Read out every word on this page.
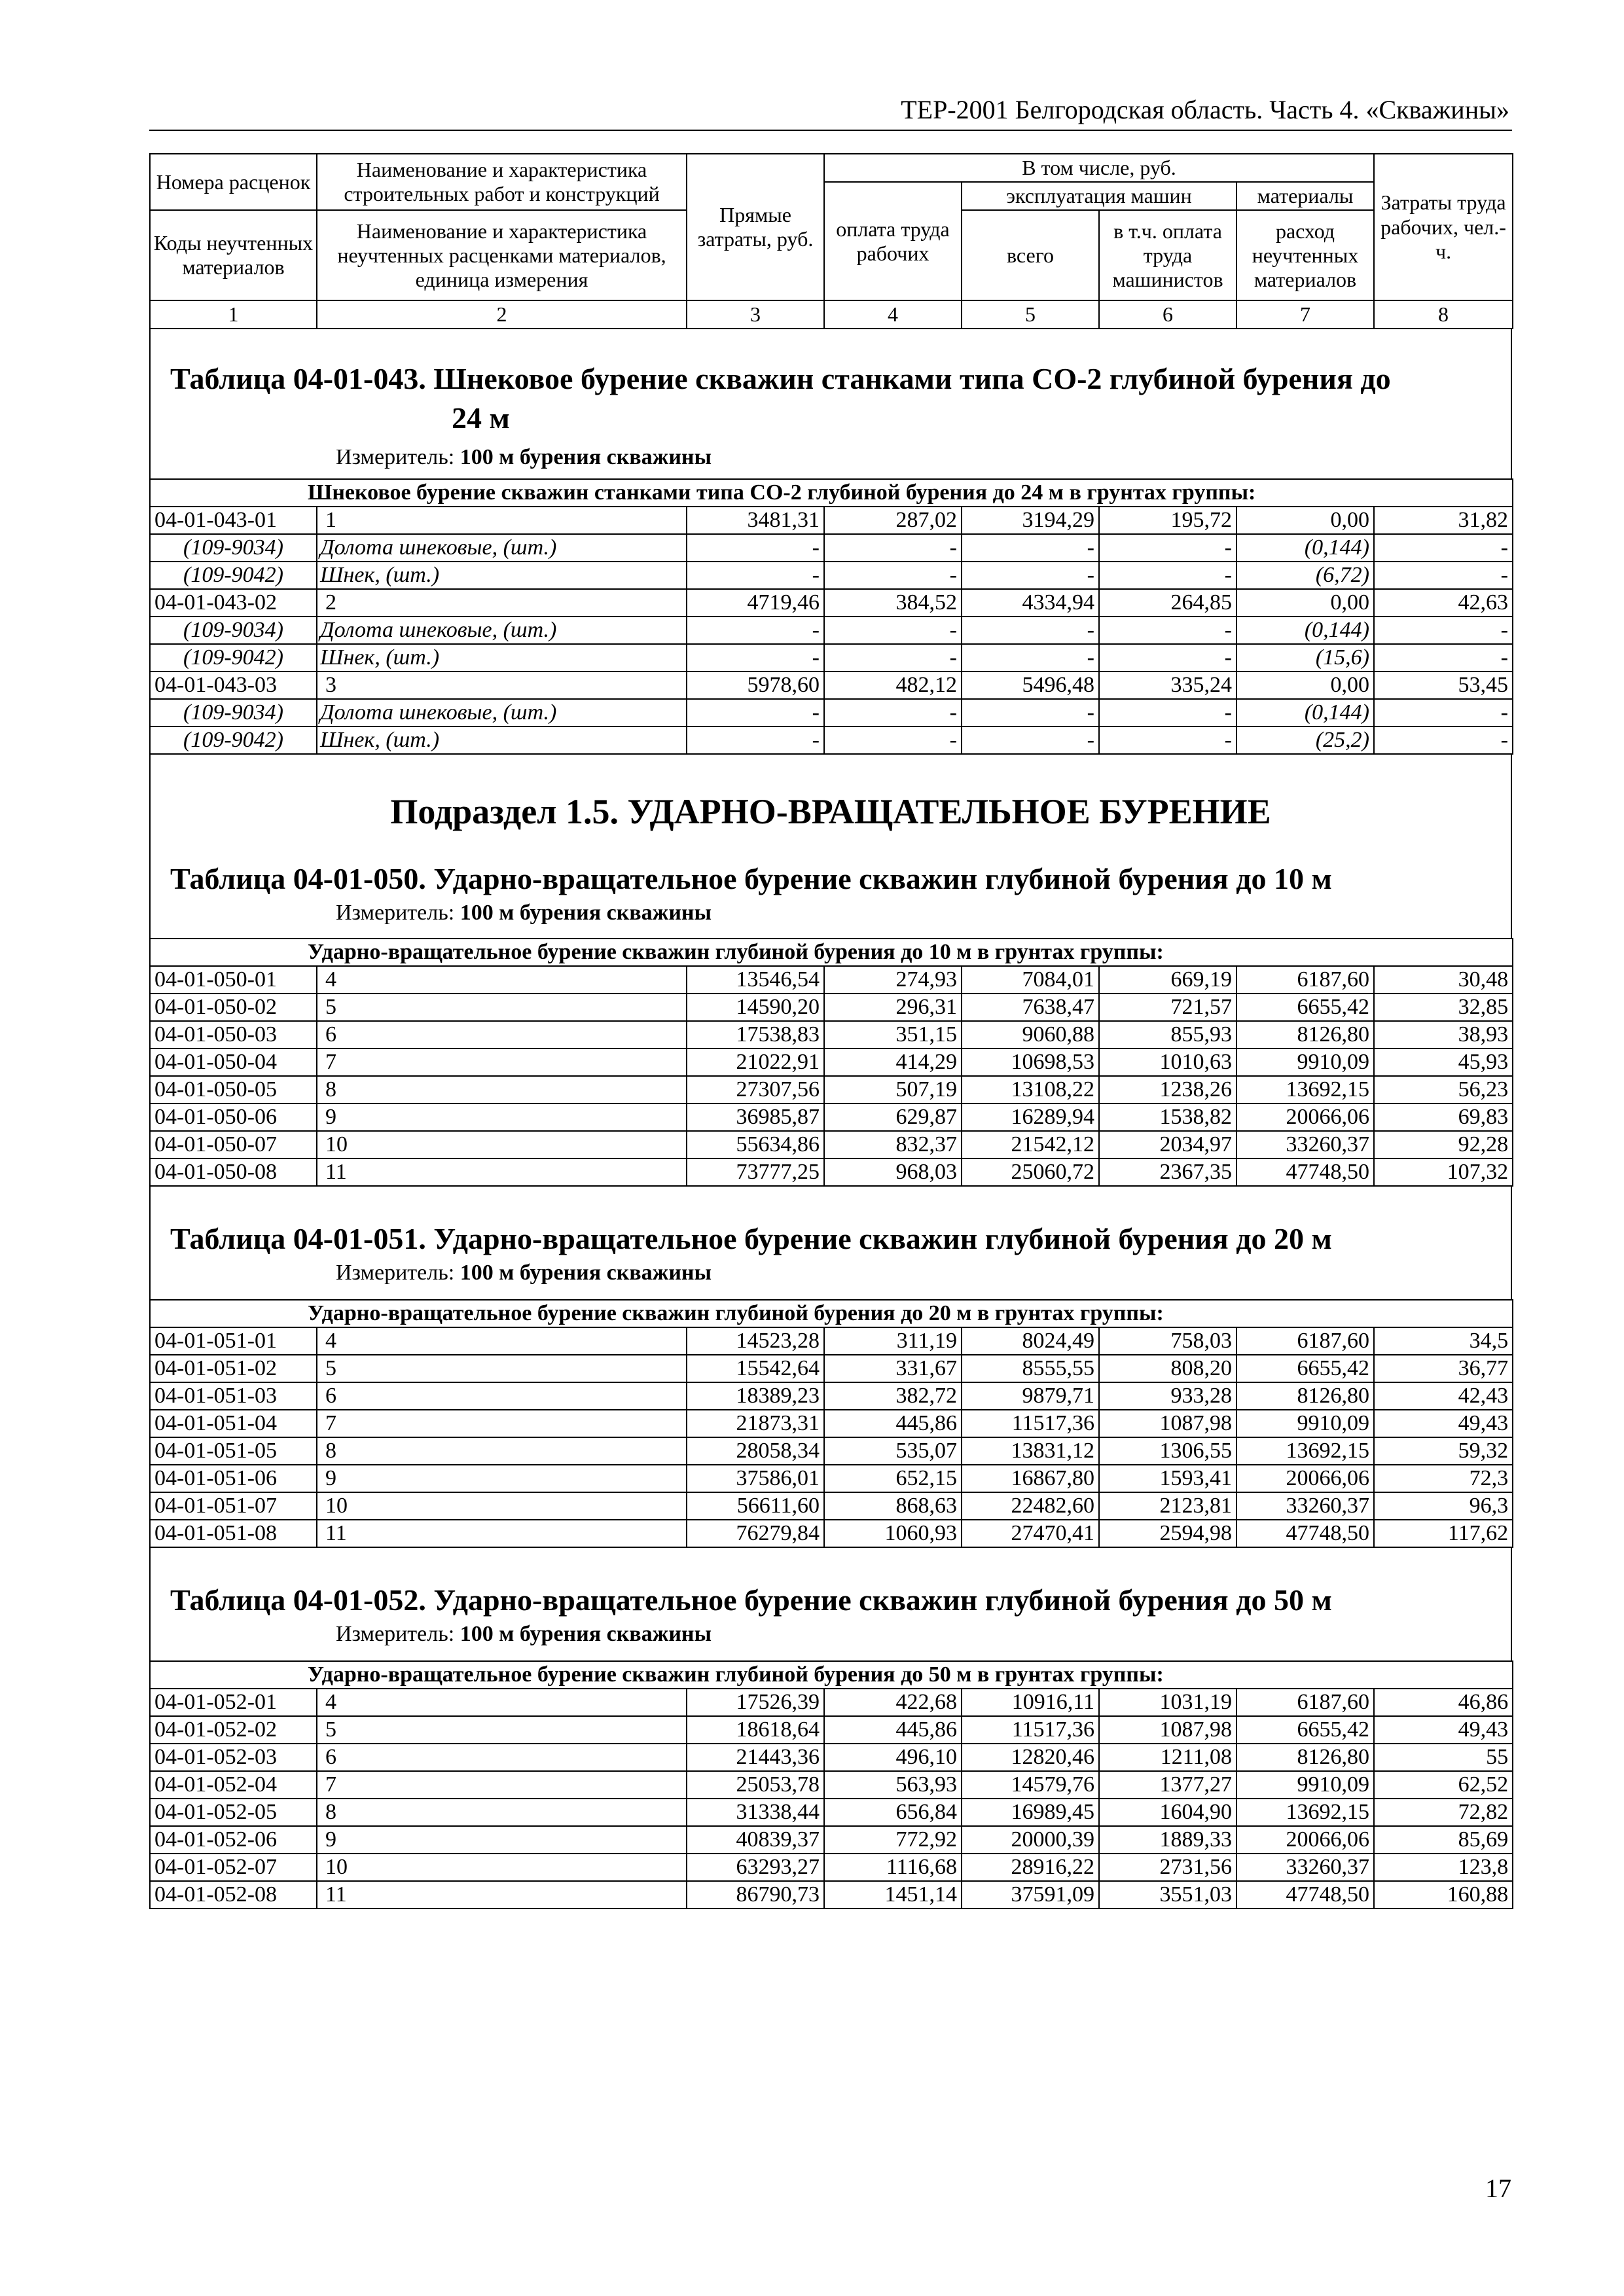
ТЕР-2001 Белгородская область. Часть 4. «Скважины»
Номера расценок	Наименование и характеристика строительных работ и конструкций	Прямые затраты, руб.	В том числе, руб.				Затраты труда рабочих, чел.-ч.
			оплата труда рабочих	эксплуатация машин		материалы	
Коды неучтенных материалов	Наименование и характеристика неучтенных расценками материалов, единица измерения			всего	в т.ч. оплата труда машинистов	расход неучтенных материалов	

1	2	3	4	5	6	7	8
Таблица 04-01-043. Шнековое бурение скважин станками типа СО-2 глубиной бурения до
24 м
Измеритель: 100 м бурения скважины
Шнековое бурение скважин станками типа СО-2 глубиной бурения до 24 м в грунтах группы:							
04-01-043-01	1	3481,31	287,02	3194,29	195,72	0,00	31,82
(109-9034)	Долота шнековые, (шт.)	-	-	-	-	(0,144)	-
(109-9042)	Шнек, (шт.)	-	-	-	-	(6,72)	-
04-01-043-02	2	4719,46	384,52	4334,94	264,85	0,00	42,63
(109-9034)	Долота шнековые, (шт.)	-	-	-	-	(0,144)	-
(109-9042)	Шнек, (шт.)	-	-	-	-	(15,6)	-
04-01-043-03	3	5978,60	482,12	5496,48	335,24	0,00	53,45
(109-9034)	Долота шнековые, (шт.)	-	-	-	-	(0,144)	-
(109-9042)	Шнек, (шт.)	-	-	-	-	(25,2)	-
Подраздел 1.5. УДАРНО-ВРАЩАТЕЛЬНОЕ БУРЕНИЕ
Таблица 04-01-050. Ударно-вращательное бурение скважин глубиной бурения до 10 м
Измеритель: 100 м бурения скважины
Ударно-вращательное бурение скважин глубиной бурения до 10 м в грунтах группы:							
04-01-050-01	4	13546,54	274,93	7084,01	669,19	6187,60	30,48
04-01-050-02	5	14590,20	296,31	7638,47	721,57	6655,42	32,85
04-01-050-03	6	17538,83	351,15	9060,88	855,93	8126,80	38,93
04-01-050-04	7	21022,91	414,29	10698,53	1010,63	9910,09	45,93
04-01-050-05	8	27307,56	507,19	13108,22	1238,26	13692,15	56,23
04-01-050-06	9	36985,87	629,87	16289,94	1538,82	20066,06	69,83
04-01-050-07	10	55634,86	832,37	21542,12	2034,97	33260,37	92,28
04-01-050-08	11	73777,25	968,03	25060,72	2367,35	47748,50	107,32
Таблица 04-01-051. Ударно-вращательное бурение скважин глубиной бурения до 20 м
Измеритель: 100 м бурения скважины
Ударно-вращательное бурение скважин глубиной бурения до 20 м в грунтах группы:							
04-01-051-01	4	14523,28	311,19	8024,49	758,03	6187,60	34,5
04-01-051-02	5	15542,64	331,67	8555,55	808,20	6655,42	36,77
04-01-051-03	6	18389,23	382,72	9879,71	933,28	8126,80	42,43
04-01-051-04	7	21873,31	445,86	11517,36	1087,98	9910,09	49,43
04-01-051-05	8	28058,34	535,07	13831,12	1306,55	13692,15	59,32
04-01-051-06	9	37586,01	652,15	16867,80	1593,41	20066,06	72,3
04-01-051-07	10	56611,60	868,63	22482,60	2123,81	33260,37	96,3
04-01-051-08	11	76279,84	1060,93	27470,41	2594,98	47748,50	117,62
Таблица 04-01-052. Ударно-вращательное бурение скважин глубиной бурения до 50 м
Измеритель: 100 м бурения скважины
Ударно-вращательное бурение скважин глубиной бурения до 50 м в грунтах группы:							
04-01-052-01	4	17526,39	422,68	10916,11	1031,19	6187,60	46,86
04-01-052-02	5	18618,64	445,86	11517,36	1087,98	6655,42	49,43
04-01-052-03	6	21443,36	496,10	12820,46	1211,08	8126,80	55
04-01-052-04	7	25053,78	563,93	14579,76	1377,27	9910,09	62,52
04-01-052-05	8	31338,44	656,84	16989,45	1604,90	13692,15	72,82
04-01-052-06	9	40839,37	772,92	20000,39	1889,33	20066,06	85,69
04-01-052-07	10	63293,27	1116,68	28916,22	2731,56	33260,37	123,8
04-01-052-08	11	86790,73	1451,14	37591,09	3551,03	47748,50	160,88
17
